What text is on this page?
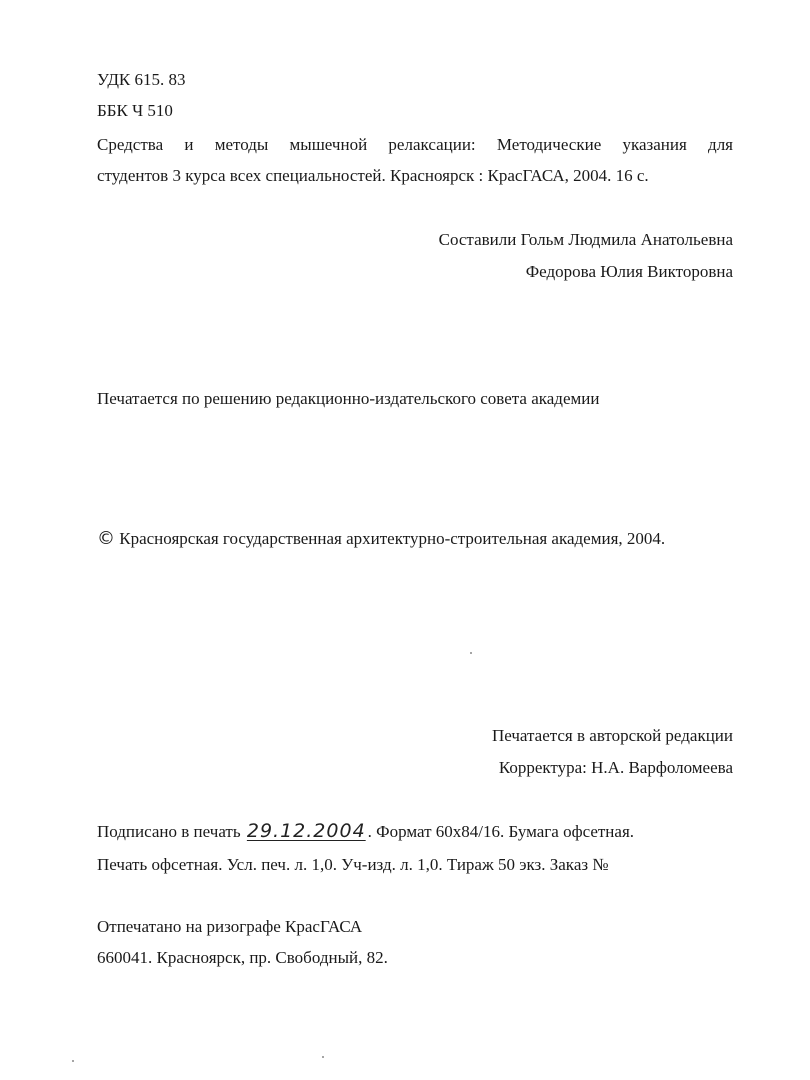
УДК 615. 83
ББК Ч 510
Средства и методы мышечной релаксации: Методические указания для
студентов 3 курса всех специальностей. Красноярск : КрасГАСА, 2004. 16 с.
Составили Гольм Людмила Анатольевна
Федорова Юлия Викторовна
Печатается по решению редакционно-издательского совета академии
© Красноярская государственная архитектурно-строительная академия, 2004.
Печатается в авторской редакции
Корректура: Н.А. Варфоломеева
Подписано в печать 29.12.2004 . Формат 60х84/16. Бумага офсетная.
Печать офсетная. Усл. печ. л. 1,0. Уч-изд. л. 1,0. Тираж 50 экз. Заказ №
Отпечатано на ризографе КрасГАСА
660041. Красноярск, пр. Свободный, 82.
